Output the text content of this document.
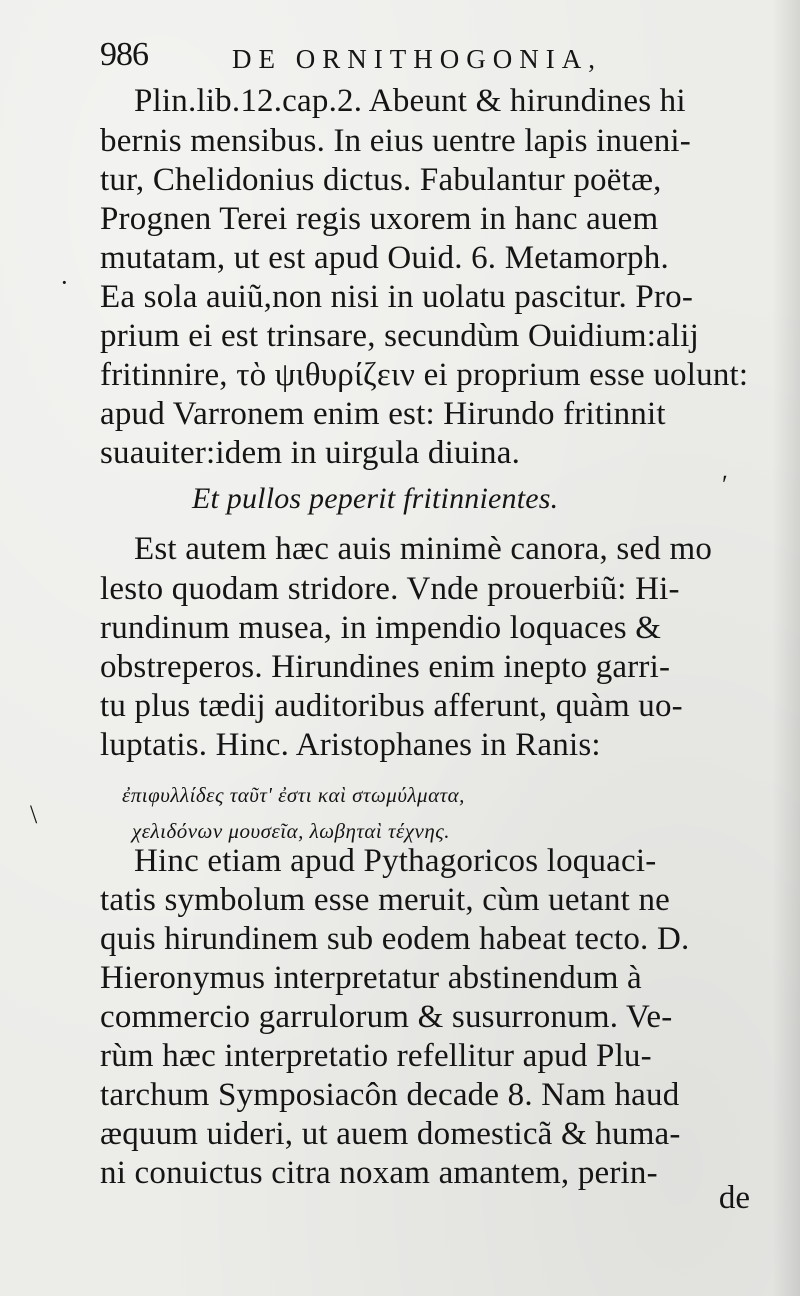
986	DE ORNITHOGONIA,
Plin.lib.12.cap.2. Abeunt & hirundines hi
bernis mensibus. In eius uentre lapis inueni-
tur, Chelidonius dictus. Fabulantur poëtæ,
Prognen Terei regis uxorem in hanc auem
mutatam, ut est apud Ouid. 6. Metamorph.
Ea sola auiũ,non nisi in uolatu pascitur. Pro-
prium ei est trinsare, secundùm Ouidium:alij
fritinnire, τὸ ψιθυρίζειν ei proprium esse uolunt:
apud Varronem enim est: Hirundo fritinnit
suauiter:idem in uirgula diuina.
Et pullos peperit fritinnientes.	ʹ
Est autem hæc auis minimè canora, sed mo
lesto quodam stridore. Vnde prouerbiũ: Hi-
rundinum musea, in impendio loquaces &
obstreperos. Hirundines enim inepto garri-
tu plus tædij auditoribus afferunt, quàm uo-
luptatis. Hinc. Aristophanes in Ranis:
ἐπιφυλλίδες ταῦτ' ἐστι καὶ στωμύλματα,
χελιδόνων μουσεῖα, λωβηταὶ τέχνης.
Hinc etiam apud Pythagoricos loquaci-
tatis symbolum esse meruit, cùm uetant ne
quis hirundinem sub eodem habeat tecto. D.
Hieronymus interpretatur abstinendum à
commercio garrulorum & susurronum. Ve-
rùm hæc interpretatio refellitur apud Plu-
tarchum Symposiacôn decade 8. Nam haud
æquum uideri, ut auem domesticã & huma-
ni conuictus citra noxam amantem, perin-
de
·
\
